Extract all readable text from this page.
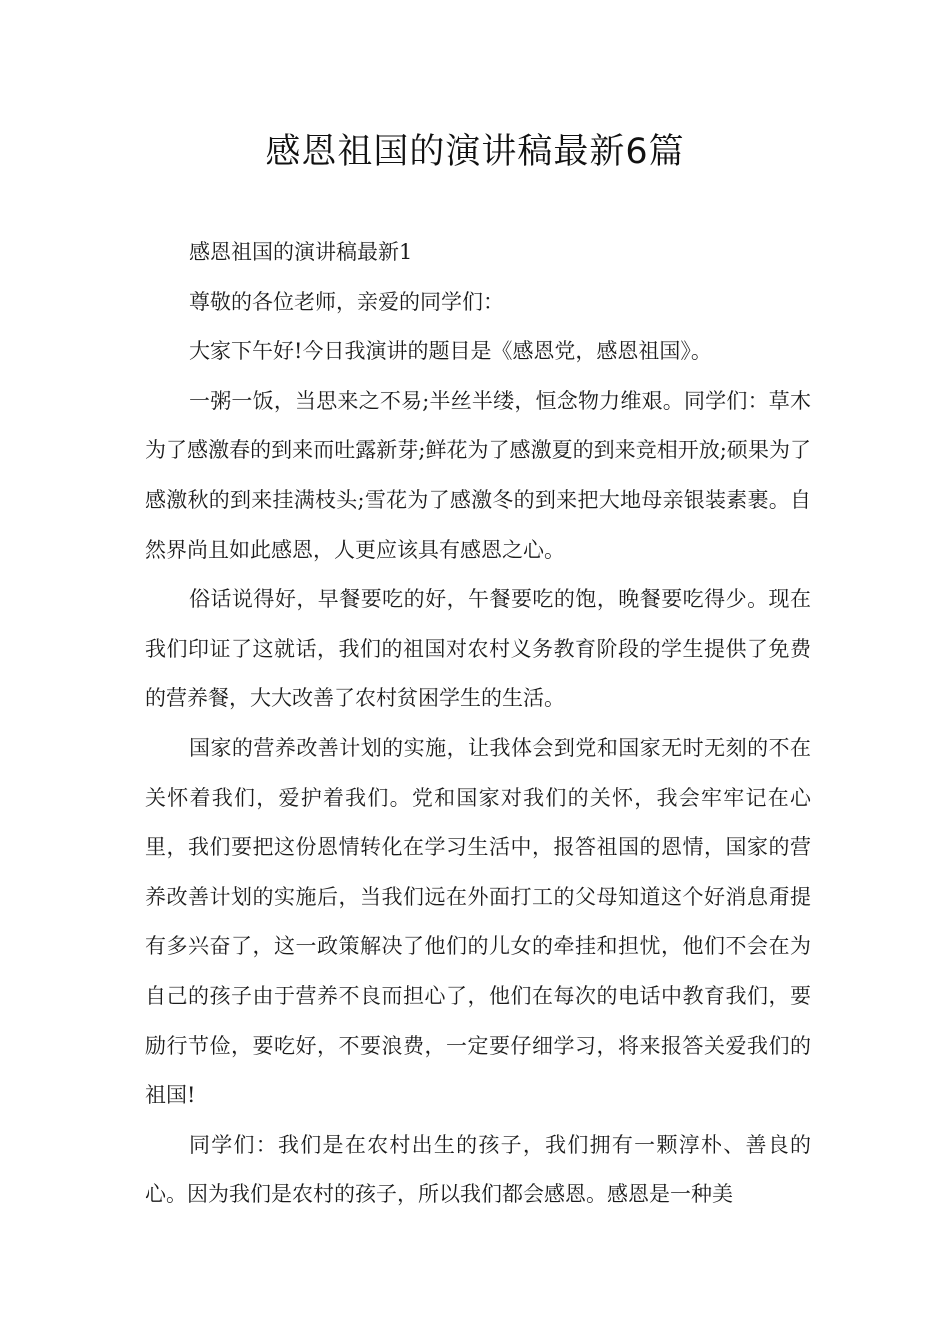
感恩祖国的演讲稿最新6篇

感恩祖国的演讲稿最新1

尊敬的各位老师，亲爱的同学们：

大家下午好!今日我演讲的题目是《感恩党，感恩祖国》。

一粥一饭，当思来之不易;半丝半缕，恒念物力维艰。同学们：草木为了感激春的到来而吐露新芽;鲜花为了感激夏的到来竞相开放;硕果为了感激秋的到来挂满枝头;雪花为了感激冬的到来把大地母亲银装素裹。自然界尚且如此感恩，人更应该具有感恩之心。

俗话说得好，早餐要吃的好，午餐要吃的饱，晚餐要吃得少。现在我们印证了这就话，我们的祖国对农村义务教育阶段的学生提供了免费的营养餐，大大改善了农村贫困学生的生活。

国家的营养改善计划的实施，让我体会到党和国家无时无刻的不在关怀着我们，爱护着我们。党和国家对我们的关怀，我会牢牢记在心里，我们要把这份恩情转化在学习生活中，报答祖国的恩情，国家的营养改善计划的实施后，当我们远在外面打工的父母知道这个好消息甭提有多兴奋了，这一政策解决了他们的儿女的牵挂和担忧，他们不会在为自己的孩子由于营养不良而担心了，他们在每次的电话中教育我们，要励行节俭，要吃好，不要浪费，一定要仔细学习，将来报答关爱我们的祖国!

同学们：我们是在农村出生的孩子，我们拥有一颗淳朴、善良的心。因为我们是农村的孩子，所以我们都会感恩。感恩是一种美
